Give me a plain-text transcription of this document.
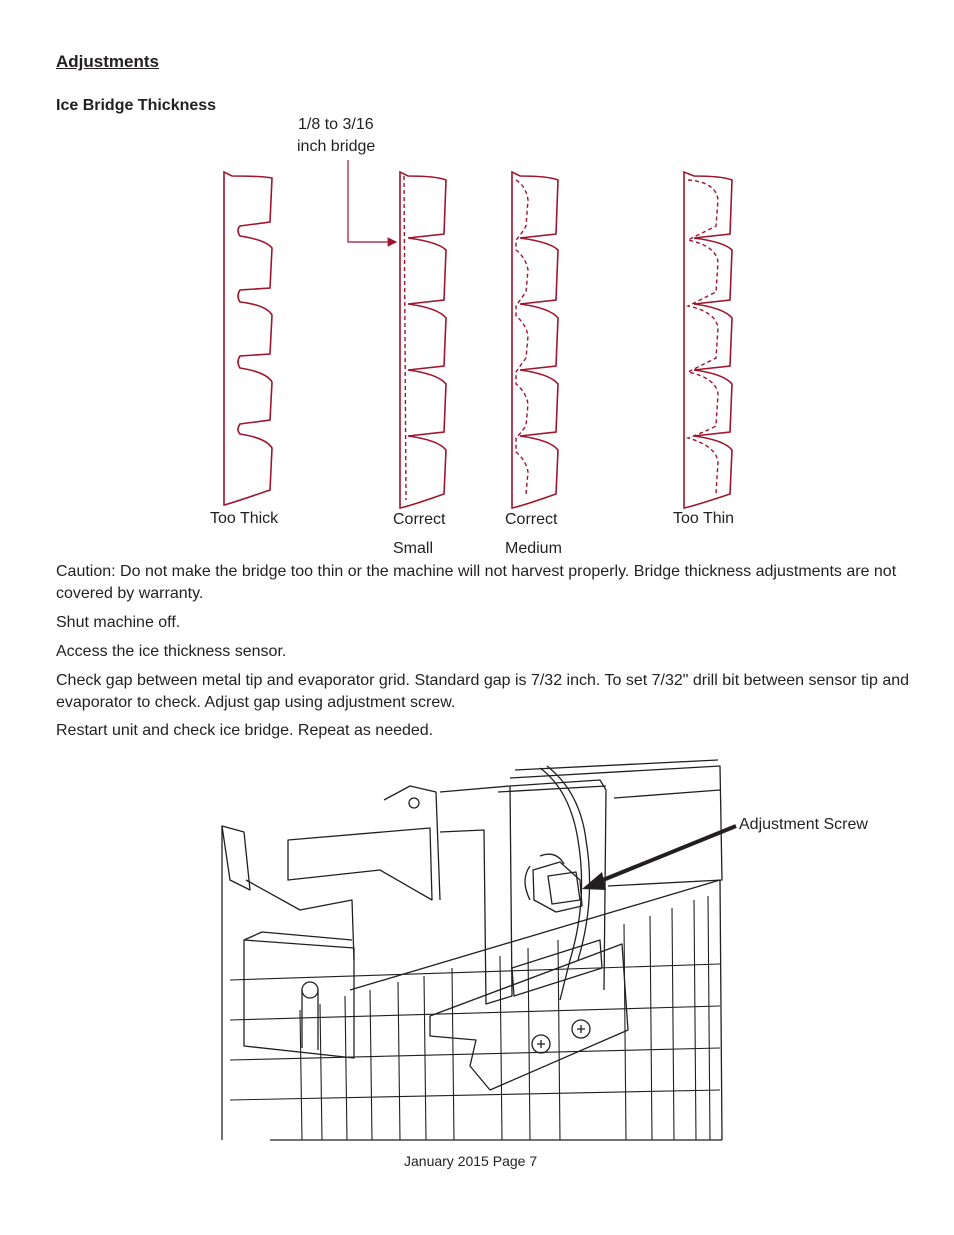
Adjustments
Ice Bridge Thickness
1/8 to 3/16
inch bridge
Too Thick	Correct
Small
Correct
Medium
Too Thin
Caution: Do not make the bridge too thin or the machine will not harvest properly. Bridge thickness adjustments are not covered by warranty.
Shut machine off.
Access the ice thickness sensor.
Check gap between metal tip and evaporator grid. Standard gap is 7/32 inch. To set 7/32" drill bit between sensor tip and evaporator to check. Adjust gap using adjustment screw.
Restart unit and check ice bridge. Repeat as needed.
Adjustment Screw
January 2015 Page 7
